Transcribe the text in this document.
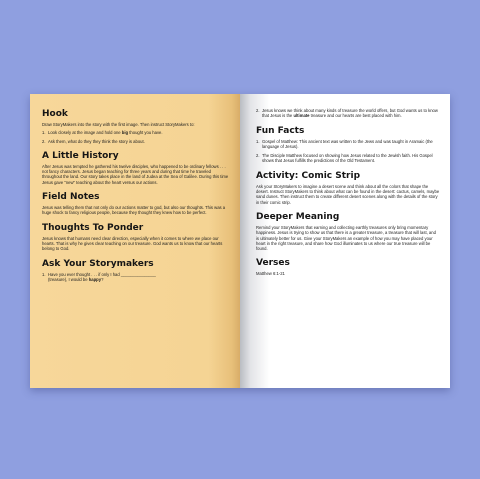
Hook

Draw StoryMakers into the story with the first image. Then instruct StoryMakers to:

1. Look closely at the image and hold one big thought you have.
2. Ask them, what do they they think the story is about.
A Little History

After Jesus was tempted he gathered his twelve disciples, who happened to be ordinary fellows . . . not fancy characters. Jesus began teaching for three years and during that time he traveled throughout the land. Our story takes place in the land of Judea at the Sea of Galilee. During this time Jesus gave "new" teaching about the heart versus our actions.

Field Notes

Jesus was telling them that not only do our actions matter to god, but also our thoughts. This was a huge shock to fancy religious people, because they thought they knew how to be perfect.

Thoughts To Ponder

Jesus knows that humans need clear direction, especially when it comes to where we place our hearts. That is why he gives clear teaching on our treasure. God wants us to know that our hearts belong to God.

Ask Your Storymakers
1. Have you ever thought . . . if only I had _______________
(treasure), I would be happy?
2. Jesus knows we think about many kinds of treasure the world offers, but God wants us to know that Jesus is the ultimate treasure and our hearts are best placed with him.
Fun Facts
1. Gospel of Matthew: This ancient text was written to the Jews and was taught in Aramaic (the language of Jesus).
2. The Disciple Matthew focused on showing how Jesus related to the Jewish faith. His Gospel shows that Jesus fulfills the predictions of the Old Testament.
Activity: Comic Strip

Ask your StoryMakers to imagine a desert scene and think about all the colors that shape the desert. Instruct StoryMakers to think about what can be found in the desert: cactus, camels, maybe sand dunes. Then instruct them to create different desert scenes along with the details of the story in their comic strip.

Deeper Meaning

Remind your StoryMakers that earning and collecting earthly treasures only bring momentary happiness. Jesus is trying to show us that there is a greater treasure, a treasure that will last, and is ultimately better for us. Give your StoryMakers an example of how you may have placed your heart in the right treasure, and share how God illuminates to us where our true treasure will be found.

Verses

Matthew 6:1-21
